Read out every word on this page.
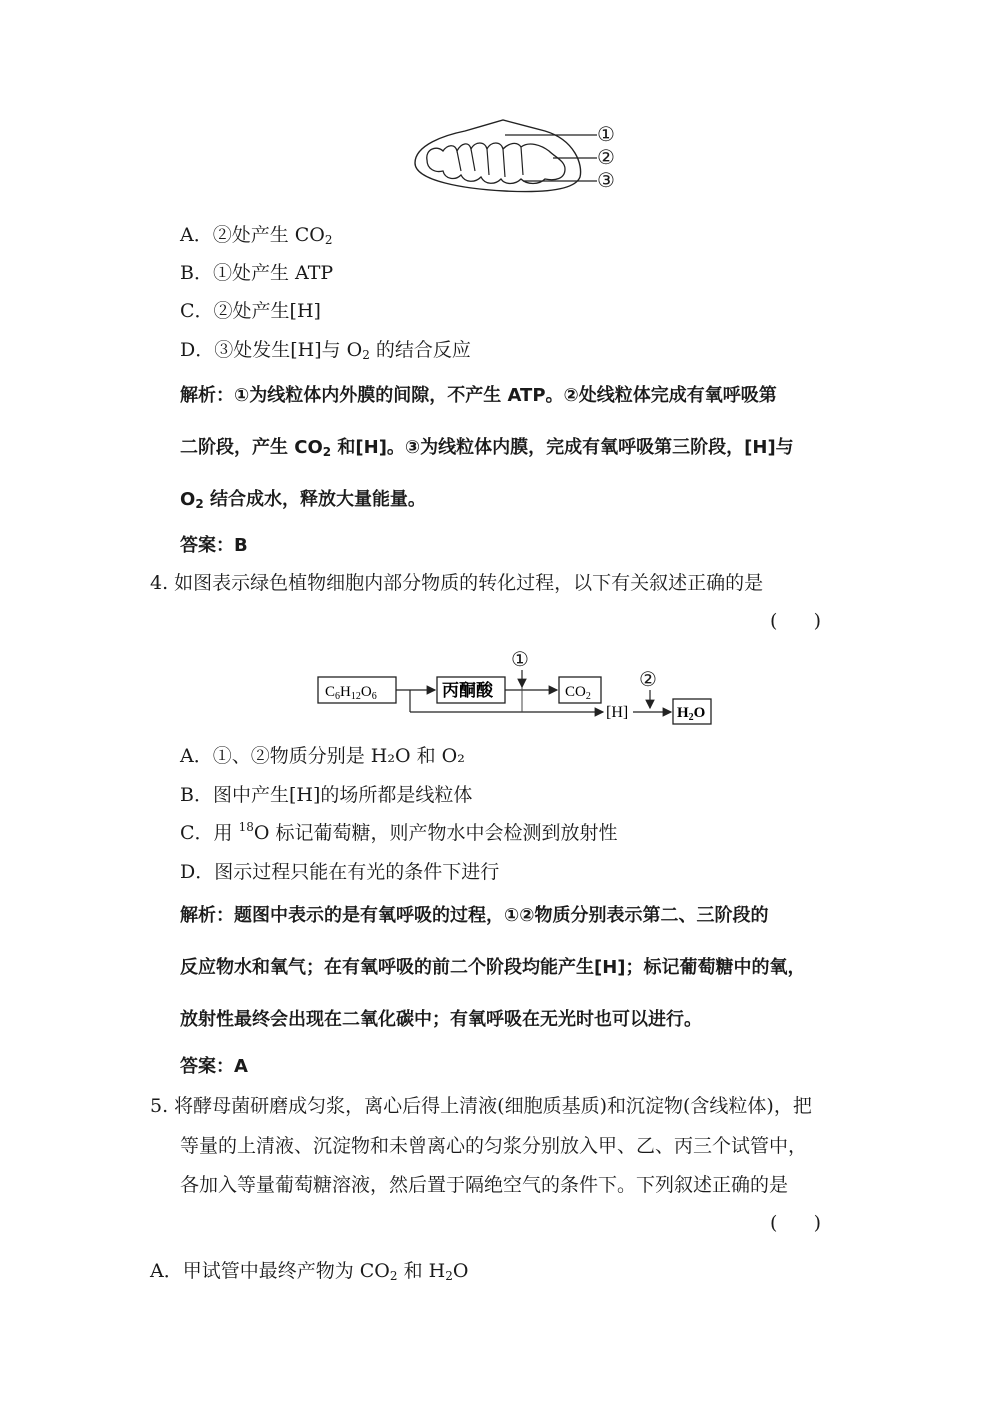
①
②
③
A．②处产生 $CO_2$
B．①处产生 ATP
C．②处产生[H]
D．③处发生[H]与 $O_2$ 的结合反应
解析：①为线粒体内外膜的间隙，不产生 ATP。②处线粒体完成有氧呼吸第
二阶段，产生 $CO_2$ 和[H]。③为线粒体内膜，完成有氧呼吸第三阶段，[H]与
$O_2$ 结合成水，释放大量能量。
答案：B
4. 如图表示绿色植物细胞内部分物质的转化过程，以下有关叙述正确的是
(      )
$C_6H_{12}O_6$	丙酮酸	$CO_2$
$H_2O$
[H]
①
②
A．①、②物质分别是 H₂O 和 O₂
B．图中产生[H]的场所都是线粒体
C．用 $^{18}$O 标记葡萄糖，则产物水中会检测到放射性
D．图示过程只能在有光的条件下进行
解析：题图中表示的是有氧呼吸的过程，①②物质分别表示第二、三阶段的
反应物水和氧气；在有氧呼吸的前二个阶段均能产生[H]；标记葡萄糖中的氧，
放射性最终会出现在二氧化碳中；有氧呼吸在无光时也可以进行。
答案：A
5. 将酵母菌研磨成匀浆，离心后得上清液(细胞质基质)和沉淀物(含线粒体)，把
等量的上清液、沉淀物和未曾离心的匀浆分别放入甲、乙、丙三个试管中，
各加入等量葡萄糖溶液，然后置于隔绝空气的条件下。下列叙述正确的是
(      )
A．甲试管中最终产物为 $CO_2$ 和 $H_2O$
